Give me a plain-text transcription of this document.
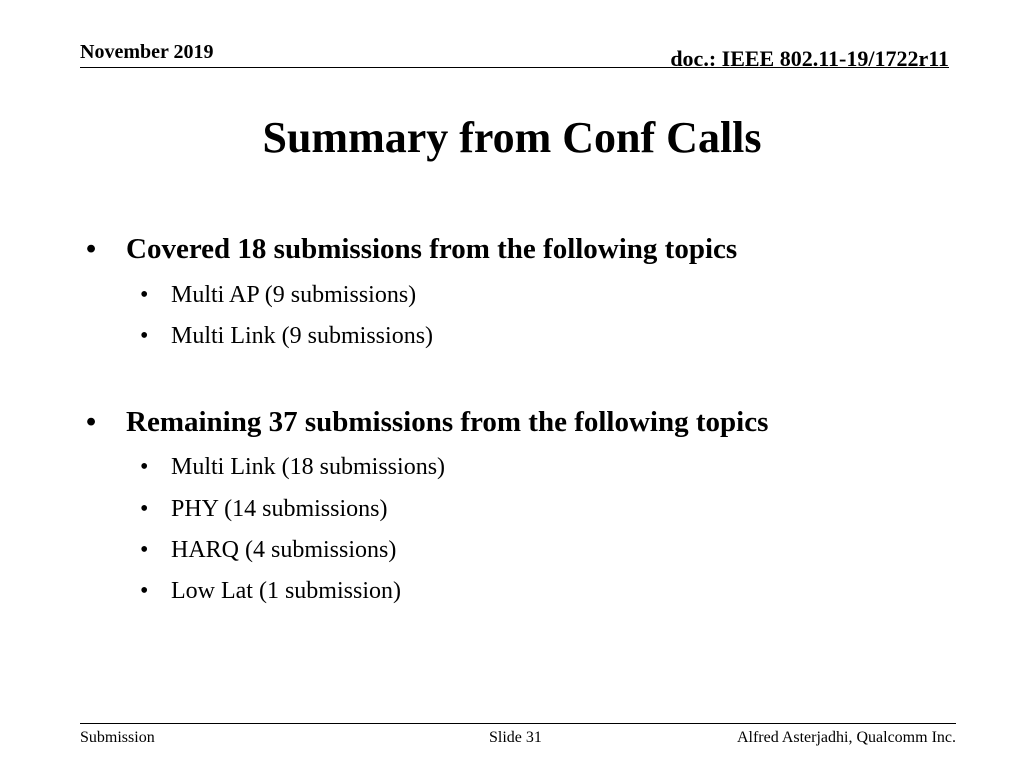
November 2019	doc.: IEEE 802.11-19/1722r11
Summary from Conf Calls
• Covered 18 submissions from the following topics
• Multi AP (9 submissions)
• Multi Link (9 submissions)
• Remaining 37 submissions from the following topics
• Multi Link (18 submissions)
• PHY (14 submissions)
• HARQ (4 submissions)
• Low Lat (1 submission)
Submission	Slide 31	Alfred Asterjadhi, Qualcomm Inc.
